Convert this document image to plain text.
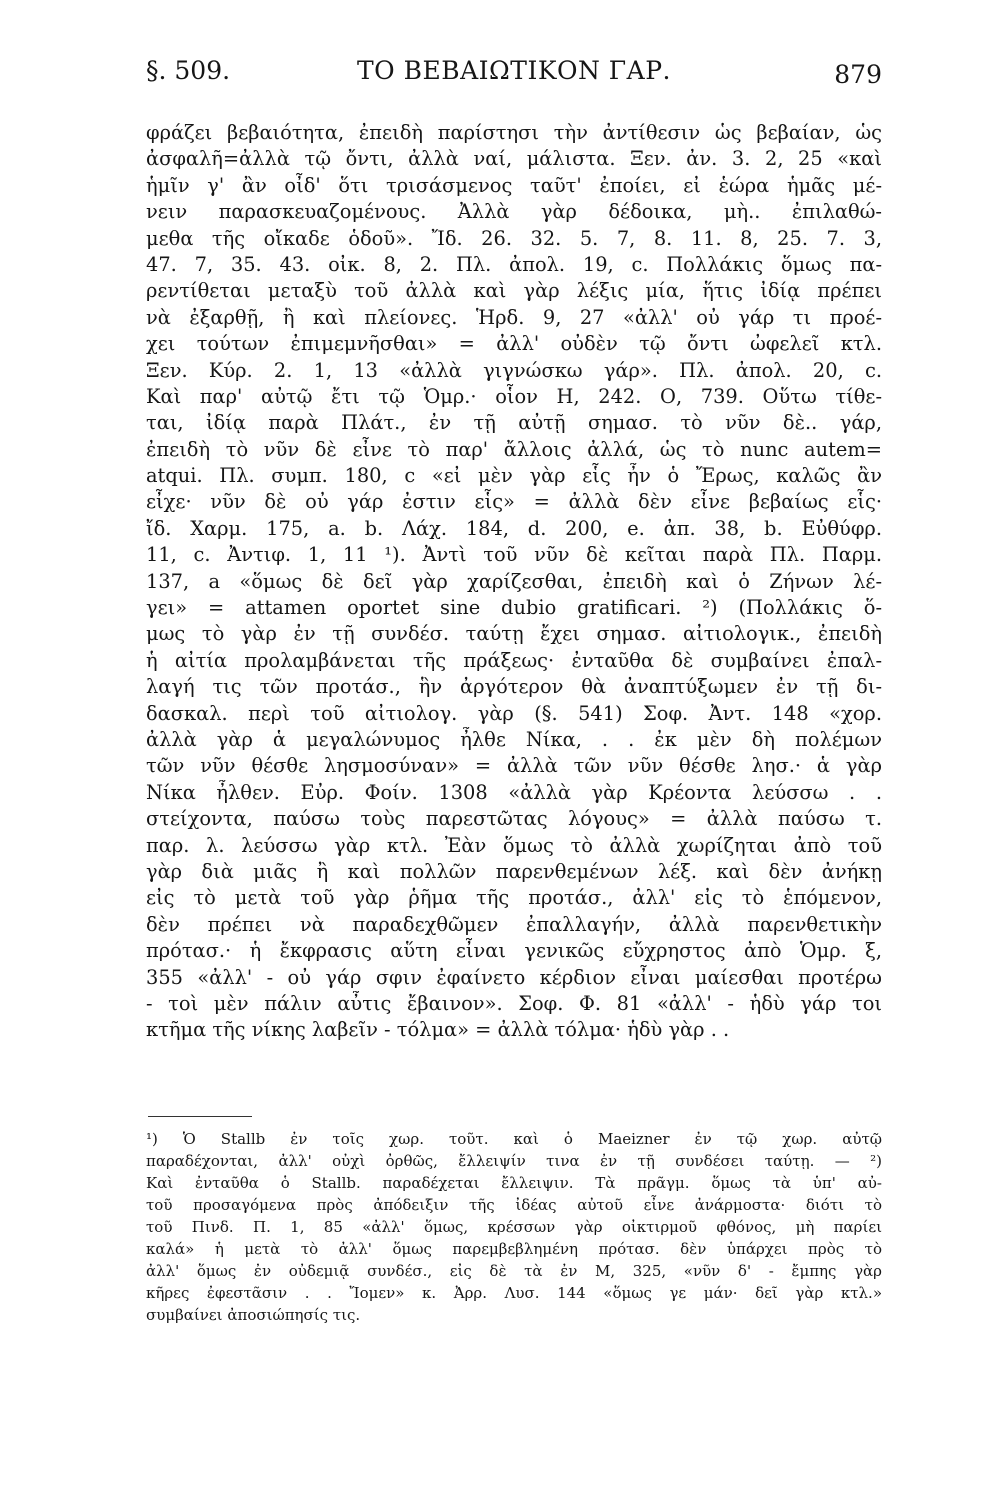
§. 509.	ΤΟ ΒΕΒΑΙΩΤΙΚΟΝ ΓΑΡ.	879
φράζει βεβαιότητα, ἐπειδὴ παρίστησι τὴν ἀντίθεσιν ὡς βεβαίαν, ὡς
ἀσφαλῆ=ἀλλὰ τῷ ὄντι, ἀλλὰ ναί, μάλιστα. Ξεν. ἀν. 3. 2, 25 «καὶ
ἡμῖν γ' ἂν οἶδ' ὅτι τρισάσμενος ταῦτ' ἐποίει, εἰ ἑώρα ἡμᾶς μέ-
νειν παρασκευαζομένους. Ἀλλὰ γὰρ δέδοικα, μὴ.. ἐπιλαθώ-
μεθα τῆς οἴκαδε ὁδοῦ». Ἴδ. 26. 32. 5. 7, 8. 11. 8, 25. 7. 3,
47. 7, 35. 43. οἰκ. 8, 2. Πλ. ἀπολ. 19, c. Πολλάκις ὅμως πα-
ρεντίθεται μεταξὺ τοῦ ἀλλὰ καὶ γὰρ λέξις μία, ἥτις ἰδίᾳ πρέπει
νὰ ἐξαρθῇ, ἢ καὶ πλείονες. Ἡρδ. 9, 27 «ἀλλ' οὐ γάρ τι προέ-
χει τούτων ἐπιμεμνῆσθαι» = ἀλλ' οὐδὲν τῷ ὄντι ὠφελεῖ κτλ.
Ξεν. Κύρ. 2. 1, 13 «ἀλλὰ γιγνώσκω γάρ». Πλ. ἀπολ. 20, c.
Καὶ παρ' αὐτῷ ἔτι τῷ Ὁμρ.· οἷον Η, 242. Ο, 739. Οὕτω τίθε-
ται, ἰδίᾳ παρὰ Πλάτ., ἐν τῇ αὐτῇ σημασ. τὸ νῦν δὲ.. γάρ,
ἐπειδὴ τὸ νῦν δὲ εἶνε τὸ παρ' ἄλλοις ἀλλά, ὡς τὸ nunc autem=
atqui. Πλ. συμπ. 180, c «εἰ μὲν γὰρ εἷς ἦν ὁ Ἔρως, καλῶς ἂν
εἶχε· νῦν δὲ οὐ γάρ ἐστιν εἷς» = ἀλλὰ δὲν εἶνε βεβαίως εἷς·
ἴδ. Χαρμ. 175, a. b. Λάχ. 184, d. 200, e. ἀπ. 38, b. Εὐθύφρ.
11, c. Ἀντιφ. 1, 11 ¹). Ἀντὶ τοῦ νῦν δὲ κεῖται παρὰ Πλ. Παρμ.
137, a «ὅμως δὲ δεῖ γὰρ χαρίζεσθαι, ἐπειδὴ καὶ ὁ Ζήνων λέ-
γει» = attamen oportet sine dubio gratificari. ²) (Πολλάκις ὅ-
μως τὸ γὰρ ἐν τῇ συνδέσ. ταύτῃ ἔχει σημασ. αἰτιολογικ., ἐπειδὴ
ἡ αἰτία προλαμβάνεται τῆς πράξεως· ἐνταῦθα δὲ συμβαίνει ἐπαλ-
λαγή τις τῶν προτάσ., ἣν ἀργότερον θὰ ἀναπτύξωμεν ἐν τῇ δι-
δασκαλ. περὶ τοῦ αἰτιολογ. γὰρ (§. 541) Σοφ. Ἀντ. 148 «χορ.
ἀλλὰ γὰρ ἁ μεγαλώνυμος ἦλθε Νίκα, . . ἐκ μὲν δὴ πολέμων
τῶν νῦν θέσθε λησμοσύναν» = ἀλλὰ τῶν νῦν θέσθε λησ.· ἁ γὰρ
Νίκα ἦλθεν. Εὐρ. Φοίν. 1308 «ἀλλὰ γὰρ Κρέοντα λεύσσω . .
στείχοντα, παύσω τοὺς παρεστῶτας λόγους» = ἀλλὰ παύσω τ.
παρ. λ. λεύσσω γὰρ κτλ. Ἐὰν ὅμως τὸ ἀλλὰ χωρίζηται ἀπὸ τοῦ
γὰρ διὰ μιᾶς ἢ καὶ πολλῶν παρενθεμένων λέξ. καὶ δὲν ἀνήκῃ
εἰς τὸ μετὰ τοῦ γὰρ ῥῆμα τῆς προτάσ., ἀλλ' εἰς τὸ ἑπόμενον,
δὲν πρέπει νὰ παραδεχθῶμεν ἐπαλλαγήν, ἀλλὰ παρενθετικὴν
πρότασ.· ἡ ἔκφρασις αὕτη εἶναι γενικῶς εὔχρηστος ἀπὸ Ὁμρ. ξ,
355 «ἀλλ' - οὐ γάρ σφιν ἐφαίνετο κέρδιον εἶναι μαίεσθαι προτέρω
- τοὶ μὲν πάλιν αὖτις ἔβαινον». Σοφ. Φ. 81 «ἀλλ' - ἡδὺ γάρ τοι
κτῆμα τῆς νίκης λαβεῖν - τόλμα» = ἀλλὰ τόλμα· ἡδὺ γὰρ . .
¹) Ὁ Stallb ἐν τοῖς χωρ. τοῦτ. καὶ ὁ Maeizner ἐν τῷ χωρ. αὐτῷ
παραδέχονται, ἀλλ' οὐχὶ ὀρθῶς, ἔλλειψίν τινα ἐν τῇ συνδέσει ταύτῃ. — ²)
Καὶ ἐνταῦθα ὁ Stallb. παραδέχεται ἔλλειψιν. Τὰ πρᾶγμ. ὅμως τὰ ὑπ' αὐ-
τοῦ προσαγόμενα πρὸς ἀπόδειξιν τῆς ἰδέας αὐτοῦ εἶνε ἀνάρμοστα· διότι τὸ
τοῦ Πινδ. Π. 1, 85 «ἀλλ' ὅμως, κρέσσων γὰρ οἰκτιρμοῦ φθόνος, μὴ παρίει
καλά» ἡ μετὰ τὸ ἀλλ' ὅμως παρεμβεβλημένη πρότασ. δὲν ὑπάρχει πρὸς τὸ
ἀλλ' ὅμως ἐν οὐδεμιᾷ συνδέσ., εἰς δὲ τὰ ἐν Μ, 325, «νῦν δ' - ἔμπης γὰρ
κῆρες ἐφεστᾶσιν . . Ἴομεν» κ. Ἀρρ. Λυσ. 144 «ὅμως γε μάν· δεῖ γὰρ κτλ.»
συμβαίνει ἀποσιώπησίς τις.
